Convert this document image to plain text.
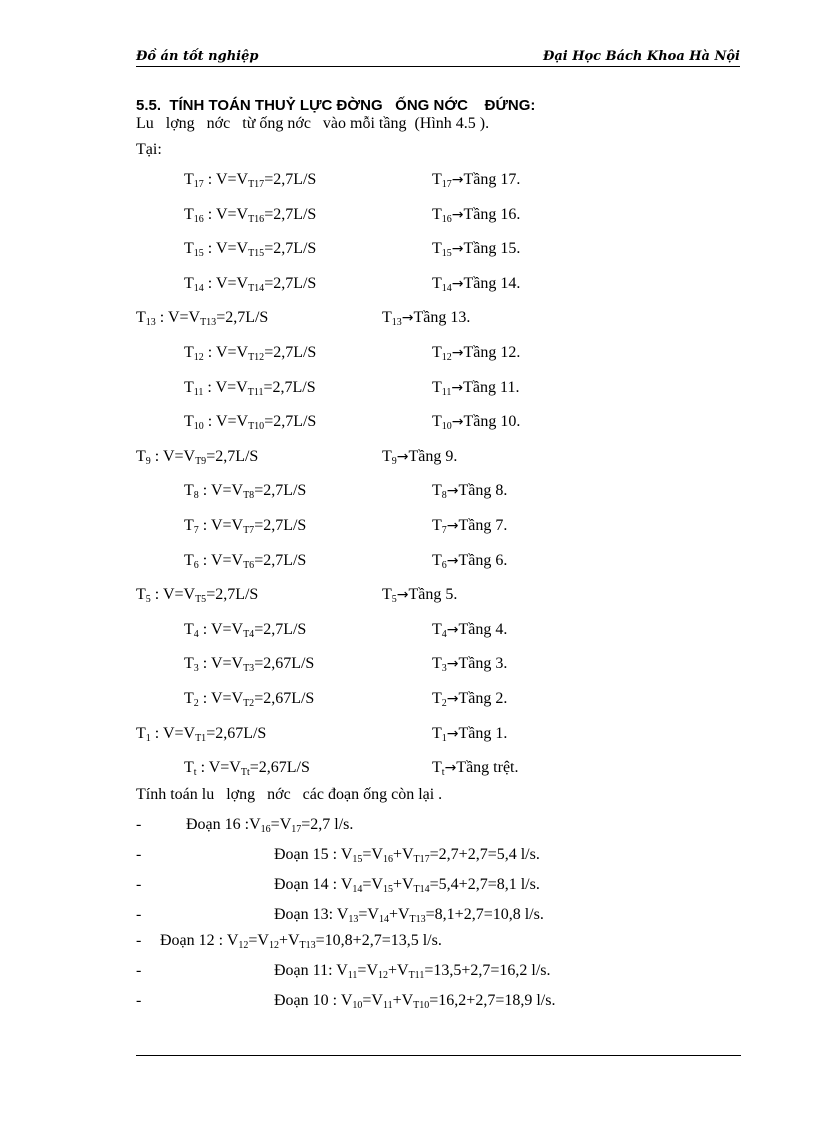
Đồ án tốt nghiệp	Đại Học Bách Khoa Hà Nội
5.5.  TÍNH TOÁN THUỶ LỰC ĐỜNG   ỐNG NỚC    ĐỨNG:
Lu   lợng   nớc   từ ống nớc   vào mỗi tầng  (Hình 4.5 ).
Tại:
$T_{17}$ : $V=V_{T17}=2,7L/S$	$T_{17}\to Tầng$ 17.
$T_{16}$ : $V=V_{T16}=2,7L/S$	$T_{16}\to Tầng$ 16.
$T_{15}$ : $V=V_{T15}=2,7L/S$	$T_{15}\to Tầng$ 15.
$T_{14}$ : $V=V_{T14}=2,7L/S$	$T_{14}\to Tầng$ 14.
$T_{13}$ : $V=V_{T13}=2,7L/S$	$T_{13}\to Tầng$ 13.
$T_{12}$ : $V=V_{T12}=2,7L/S$	$T_{12}\to Tầng$ 12.
$T_{11}$ : $V=V_{T11}=2,7L/S$	$T_{11}\to Tầng$ 11.
$T_{10}$ : $V=V_{T10}=2,7L/S$	$T_{10}\to Tầng$ 10.
$T_9$ : $V=V_{T9}=2,7L/S$	$T_9\to Tầng$ 9.
$T_8$ : $V=V_{T8}=2,7L/S$	$T_8\to Tầng$ 8.
$T_7$ : $V=V_{T7}=2,7L/S$	$T_7\to Tầng$ 7.
$T_6$ : $V=V_{T6}=2,7L/S$	$T_6\to Tầng$ 6.
$T_5$ : $V=V_{T5}=2,7L/S$	$T_5\to Tầng$ 5.
$T_4$ : $V=V_{T4}=2,7L/S$	$T_4\to Tầng$ 4.
$T_3$ : $V=V_{T3}=2,67L/S$	$T_3\to Tầng$ 3.
$T_2$ : $V=V_{T2}=2,67L/S$	$T_2\to Tầng$ 2.
$T_1$ : $V=V_{T1}=2,67L/S$	$T_1\to Tầng$ 1.
$T_t$ : $V=V_{Tt}=2,67L/S$	$T_t\to Tầng$ trệt.
Tính toán lu   lợng   nớc   các đoạn ống còn lại .
-	Đoạn 16 $:V_{16}=V_{17}=2,7$ l/s.
-	Đoạn 15 : $V_{15}=V_{16}+V_{T17}=2,7+2,7=5,4$ l/s.
-	Đoạn 14 : $V_{14}=V_{15}+V_{T14}=5,4+2,7=8,1$ l/s.
-	Đoạn 13: $V_{13}=V_{14}+V_{T13}=8,1+2,7=10,8$ l/s.
- Đoạn 12 : $V_{12}=V_{12}+V_{T13}=10,8+2,7=13,5$ l/s.
-	Đoạn 11: $V_{11}=V_{12}+V_{T11}=13,5+2,7=16,2$ l/s.
-	Đoạn 10 : $V_{10}=V_{11}+V_{T10}=16,2+2,7=18,9$ l/s.
